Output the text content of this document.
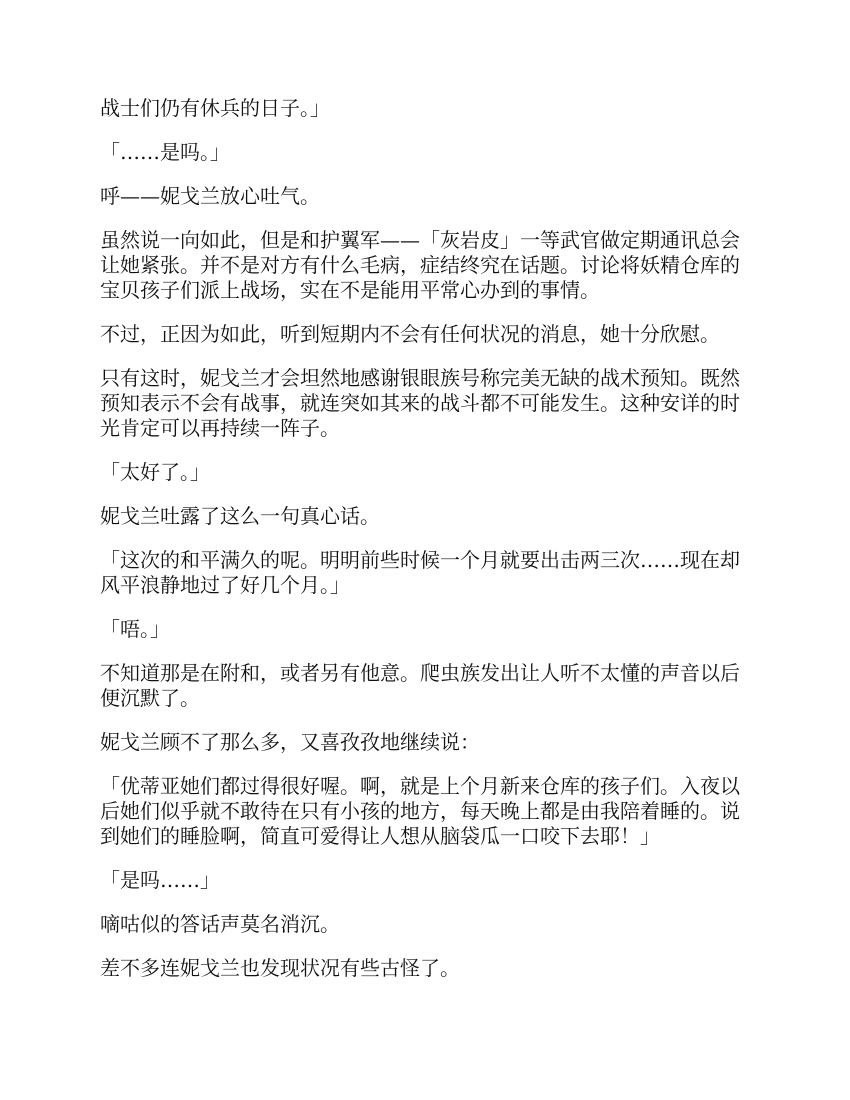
战士们仍有休兵的日子。」

「……是吗。」

呼——妮戈兰放心吐气。

虽然说一向如此，但是和护翼军——「灰岩皮」一等武官做定期通讯总会让她紧张。并不是对方有什么毛病，症结终究在话题。讨论将妖精仓库的宝贝孩子们派上战场，实在不是能用平常心办到的事情。

不过，正因为如此，听到短期内不会有任何状况的消息，她十分欣慰。

只有这时，妮戈兰才会坦然地感谢银眼族号称完美无缺的战术预知。既然预知表示不会有战事，就连突如其来的战斗都不可能发生。这种安详的时光肯定可以再持续一阵子。

「太好了。」

妮戈兰吐露了这么一句真心话。

「这次的和平满久的呢。明明前些时候一个月就要出击两三次……现在却风平浪静地过了好几个月。」

「唔。」

不知道那是在附和，或者另有他意。爬虫族发出让人听不太懂的声音以后便沉默了。

妮戈兰顾不了那么多，又喜孜孜地继续说：

「优蒂亚她们都过得很好喔。啊，就是上个月新来仓库的孩子们。入夜以后她们似乎就不敢待在只有小孩的地方，每天晚上都是由我陪着睡的。说到她们的睡脸啊，简直可爱得让人想从脑袋瓜一口咬下去耶！」

「是吗……」

嘀咕似的答话声莫名消沉。

差不多连妮戈兰也发现状况有些古怪了。
